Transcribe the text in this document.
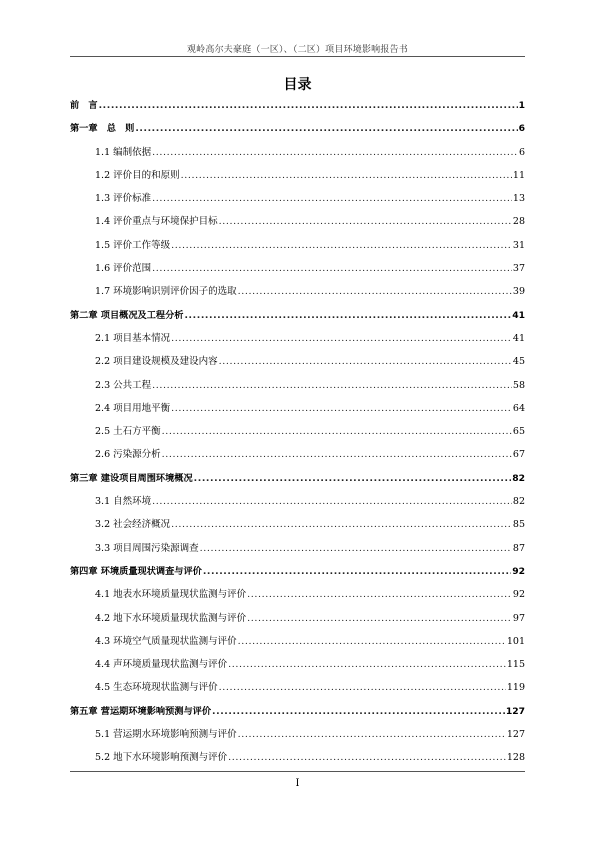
观岭高尔夫豪庭（一区）、（二区）项目环境影响报告书
目录
前　言 .....	1
第一章　总　则 .....	6
1.1 编制依据 .....	6
1.2 评价目的和原则 .....	11
1.3 评价标准 .....	13
1.4 评价重点与环境保护目标 .....	28
1.5 评价工作等级 .....	31
1.6 评价范围 .....	37
1.7 环境影响识别评价因子的选取 .....	39
第二章 项目概况及工程分析 .....	41
2.1 项目基本情况 .....	41
2.2 项目建设规模及建设内容 .....	45
2.3 公共工程 .....	58
2.4 项目用地平衡 .....	64
2.5 土石方平衡 .....	65
2.6 污染源分析 .....	67
第三章 建设项目周围环境概况 .....	82
3.1 自然环境 .....	82
3.2 社会经济概况 .....	85
3.3 项目周围污染源调查 .....	87
第四章 环境质量现状调查与评价 .....	92
4.1 地表水环境质量现状监测与评价 .....	92
4.2 地下水环境质量现状监测与评价 .....	97
4.3 环境空气质量现状监测与评价 .....	101
4.4 声环境质量现状监测与评价 .....	115
4.5 生态环境现状监测与评价 .....	119
第五章 营运期环境影响预测与评价 .....	127
5.1 营运期水环境影响预测与评价 .....	127
5.2 地下水环境影响预测与评价 .....	128
I
